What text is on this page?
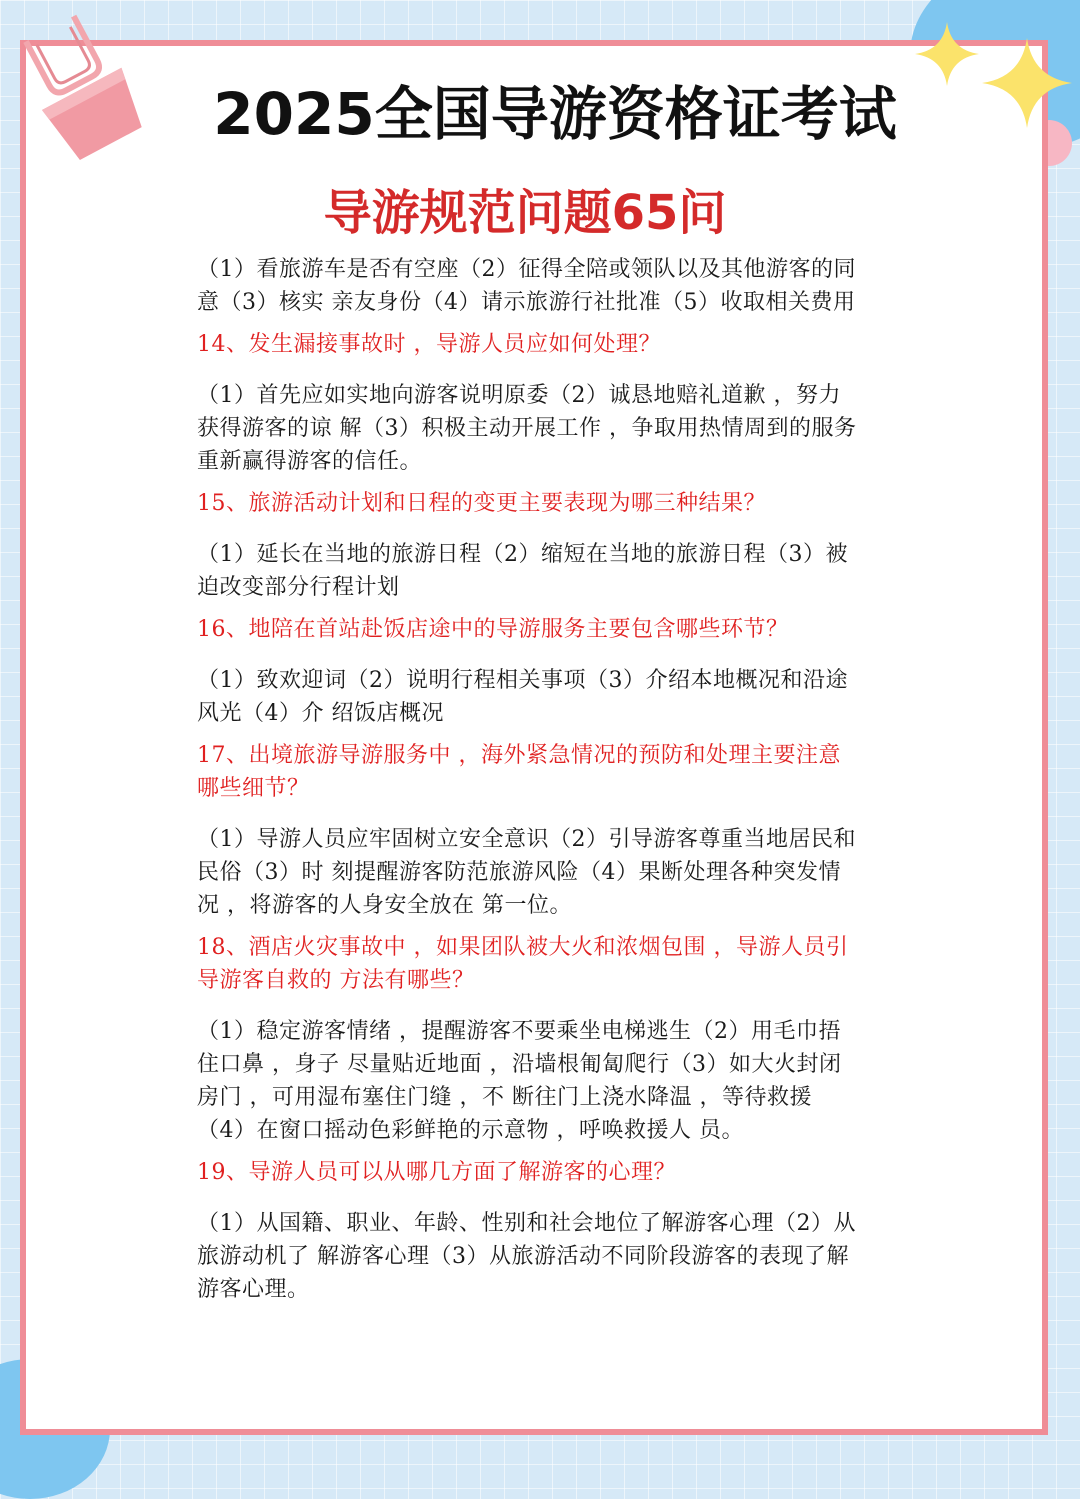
2025全国导游资格证考试
导游规范问题65问

（1）看旅游车是否有空座（2）征得全陪或领队以及其他游客的同意（3）核实 亲友身份（4）请示旅游行社批准（5）收取相关费用

14、发生漏接事故时 ，导游人员应如何处理？

（1）首先应如实地向游客说明原委（2）诚恳地赔礼道歉 ，努力获得游客的谅 解（3）积极主动开展工作 ，争取用热情周到的服务重新赢得游客的信任。

15、旅游活动计划和日程的变更主要表现为哪三种结果？

（1）延长在当地的旅游日程（2）缩短在当地的旅游日程（3）被迫改变部分行程计划

16、地陪在首站赴饭店途中的导游服务主要包含哪些环节？

（1）致欢迎词（2）说明行程相关事项（3）介绍本地概况和沿途风光（4）介 绍饭店概况

17、出境旅游导游服务中 ，海外紧急情况的预防和处理主要注意哪些细节？

（1）导游人员应牢固树立安全意识（2）引导游客尊重当地居民和民俗（3）时 刻提醒游客防范旅游风险（4）果断处理各种突发情况 ，将游客的人身安全放在 第一位。

18、酒店火灾事故中 ，如果团队被大火和浓烟包围 ，导游人员引导游客自救的 方法有哪些？

（1）稳定游客情绪 ，提醒游客不要乘坐电梯逃生（2）用毛巾捂住口鼻 ，身子 尽量贴近地面 ，沿墙根匍匐爬行（3）如大火封闭房门 ，可用湿布塞住门缝 ，不 断往门上浇水降温 ，等待救援（4）在窗口摇动色彩鲜艳的示意物 ，呼唤救援人 员。

19、导游人员可以从哪几方面了解游客的心理？

（1）从国籍、职业、年龄、性别和社会地位了解游客心理（2）从旅游动机了 解游客心理（3）从旅游活动不同阶段游客的表现了解游客心理。
